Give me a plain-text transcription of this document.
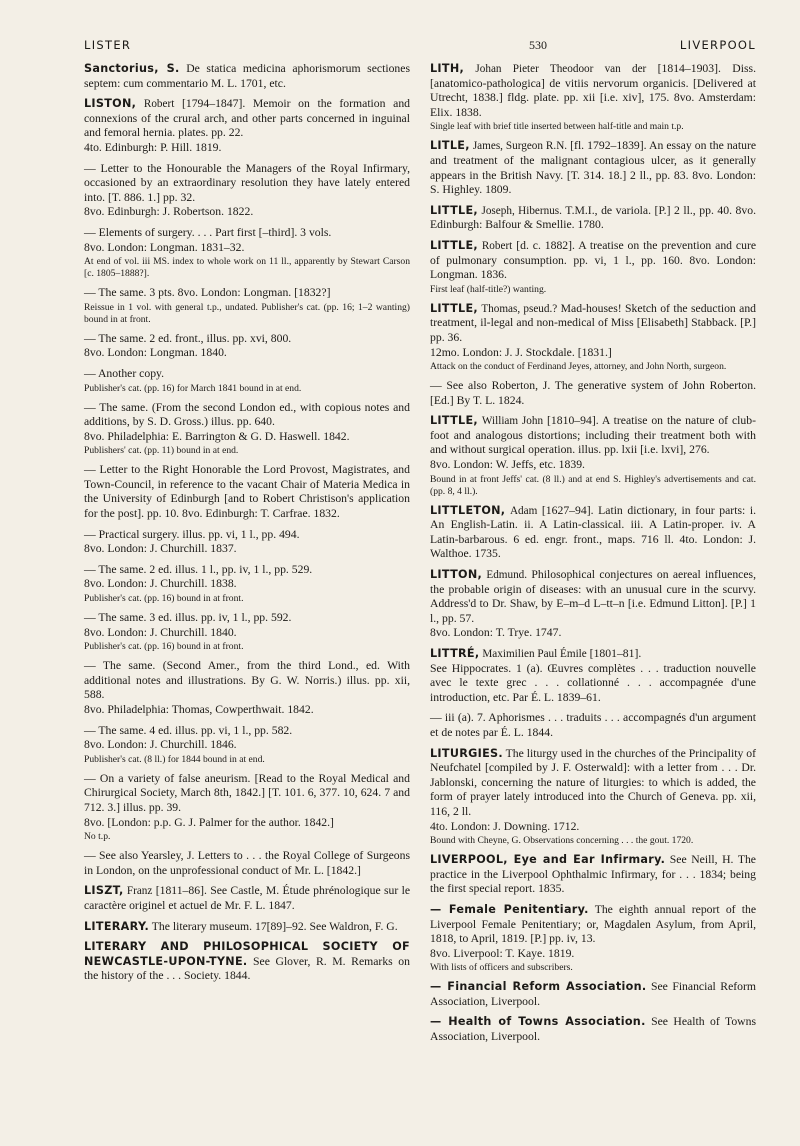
LISTER	530	LIVERPOOL
Sanctorius, S. De statica medicina aphorismorum sectiones septem: cum commentario M. L. 1701, etc.
LISTON, Robert [1794–1847]. Memoir on the formation and connexions of the crural arch, and other parts concerned in inguinal and femoral hernia. plates. pp. 22.
4to. Edinburgh: P. Hill. 1819.
— Letter to the Honourable the Managers of the Royal Infirmary, occasioned by an extraordinary resolution they have lately entered into. [T. 886. 1.] pp. 32.
8vo. Edinburgh: J. Robertson. 1822.
— Elements of surgery. . . . Part first [–third]. 3 vols.
8vo. London: Longman. 1831–32.
At end of vol. iii MS. index to whole work on 11 ll., apparently by Stewart Carson [c. 1805–1888?].
— The same. 3 pts. 8vo. London: Longman. [1832?]
Reissue in 1 vol. with general t.p., undated. Publisher's cat. (pp. 16; 1–2 wanting) bound in at front.
— The same. 2 ed. front., illus. pp. xvi, 800.
8vo. London: Longman. 1840.
— Another copy.
Publisher's cat. (pp. 16) for March 1841 bound in at end.
— The same. (From the second London ed., with copious notes and additions, by S. D. Gross.) illus. pp. 640.
8vo. Philadelphia: E. Barrington & G. D. Haswell. 1842.
Publishers' cat. (pp. 11) bound in at end.
— Letter to the Right Honorable the Lord Provost, Magistrates, and Town-Council, in reference to the vacant Chair of Materia Medica in the University of Edinburgh [and to Robert Christison's application for the post]. pp. 10. 8vo. Edinburgh: T. Carfrae. 1832.
— Practical surgery. illus. pp. vi, 1 l., pp. 494.
8vo. London: J. Churchill. 1837.
— The same. 2 ed. illus. 1 l., pp. iv, 1 l., pp. 529.
8vo. London: J. Churchill. 1838.
Publisher's cat. (pp. 16) bound in at front.
— The same. 3 ed. illus. pp. iv, 1 l., pp. 592.
8vo. London: J. Churchill. 1840.
Publisher's cat. (pp. 16) bound in at front.
— The same. (Second Amer., from the third Lond., ed. With additional notes and illustrations. By G. W. Norris.) illus. pp. xii, 588.
8vo. Philadelphia: Thomas, Cowperthwait. 1842.
— The same. 4 ed. illus. pp. vi, 1 l., pp. 582.
8vo. London: J. Churchill. 1846.
Publisher's cat. (8 ll.) for 1844 bound in at end.
— On a variety of false aneurism. [Read to the Royal Medical and Chirurgical Society, March 8th, 1842.] [T. 101. 6, 377. 10, 624. 7 and 712. 3.] illus. pp. 39.
8vo. [London: p.p. G. J. Palmer for the author. 1842.]
No t.p.
— See also Yearsley, J. Letters to . . . the Royal College of Surgeons in London, on the unprofessional conduct of Mr. L. [1842.]
LISZT, Franz [1811–86]. See Castle, M. Étude phrénologique sur le caractère originel et actuel de Mr. F. L. 1847.
LITERARY. The literary museum. 17[89]–92. See Waldron, F. G.
LITERARY AND PHILOSOPHICAL SOCIETY OF NEWCASTLE-UPON-TYNE. See Glover, R. M. Remarks on the history of the . . . Society. 1844.
LITH, Johan Pieter Theodoor van der [1814–1903]. Diss. [anatomico-pathologica] de vitiis nervorum organicis. [Delivered at Utrecht, 1838.] fldg. plate. pp. xii [i.e. xiv], 175. 8vo. Amsterdam: Elix. 1838.
Single leaf with brief title inserted between half-title and main t.p.
LITLE, James, Surgeon R.N. [fl. 1792–1839]. An essay on the nature and treatment of the malignant contagious ulcer, as it generally appears in the British Navy. [T. 314. 18.] 2 ll., pp. 83. 8vo. London: S. Highley. 1809.
LITTLE, Joseph, Hibernus. T.M.I., de variola. [P.] 2 ll., pp. 40. 8vo. Edinburgh: Balfour & Smellie. 1780.
LITTLE, Robert [d. c. 1882]. A treatise on the prevention and cure of pulmonary consumption. pp. vi, 1 l., pp. 160. 8vo. London: Longman. 1836.
First leaf (half-title?) wanting.
LITTLE, Thomas, pseud.? Mad-houses! Sketch of the seduction and treatment, il-legal and non-medical of Miss [Elisabeth] Stabback. [P.] pp. 36.
12mo. London: J. J. Stockdale. [1831.]
Attack on the conduct of Ferdinand Jeyes, attorney, and John North, surgeon.
— See also Roberton, J. The generative system of John Roberton. [Ed.] By T. L. 1824.
LITTLE, William John [1810–94]. A treatise on the nature of club-foot and analogous distortions; including their treatment both with and without surgical operation. illus. pp. lxii [i.e. lxvi], 276.
8vo. London: W. Jeffs, etc. 1839.
Bound in at front Jeffs' cat. (8 ll.) and at end S. Highley's advertisements and cat. (pp. 8, 4 ll.).
LITTLETON, Adam [1627–94]. Latin dictionary, in four parts: i. An English-Latin. ii. A Latin-classical. iii. A Latin-proper. iv. A Latin-barbarous. 6 ed. engr. front., maps. 716 ll. 4to. London: J. Walthoe. 1735.
LITTON, Edmund. Philosophical conjectures on aereal influences, the probable origin of diseases: with an unusual cure in the scurvy. Address'd to Dr. Shaw, by E–m–d L–tt–n [i.e. Edmund Litton]. [P.] 1 l., pp. 57.
8vo. London: T. Trye. 1747.
LITTRÉ, Maximilien Paul Émile [1801–81].
See Hippocrates. 1 (a). Œuvres complètes . . . traduction nouvelle avec le texte grec . . . collationné . . . accompagnée d'une introduction, etc. Par É. L. 1839–61.
— iii (a). 7. Aphorismes . . . traduits . . . accompagnés d'un argument et de notes par É. L. 1844.
LITURGIES. The liturgy used in the churches of the Principality of Neufchatel [compiled by J. F. Osterwald]: with a letter from . . . Dr. Jablonski, concerning the nature of liturgies: to which is added, the form of prayer lately introduced into the Church of Geneva. pp. xii, 116, 2 ll.
4to. London: J. Downing. 1712.
Bound with Cheyne, G. Observations concerning . . . the gout. 1720.
LIVERPOOL, Eye and Ear Infirmary. See Neill, H. The practice in the Liverpool Ophthalmic Infirmary, for . . . 1834; being the first special report. 1835.
— Female Penitentiary. The eighth annual report of the Liverpool Female Penitentiary; or, Magdalen Asylum, from April, 1818, to April, 1819. [P.] pp. iv, 13.
8vo. Liverpool: T. Kaye. 1819.
With lists of officers and subscribers.
— Financial Reform Association. See Financial Reform Association, Liverpool.
— Health of Towns Association. See Health of Towns Association, Liverpool.
